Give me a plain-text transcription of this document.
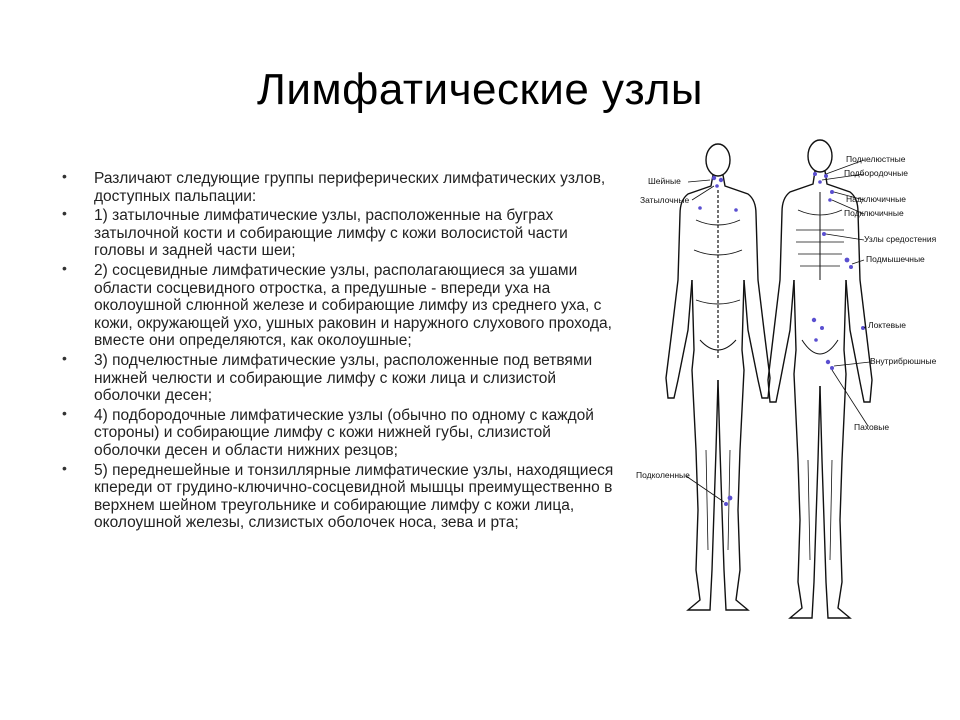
Лимфатические узлы
• Различают следующие группы периферических лимфатических узлов, доступных пальпации:
• 1) затылочные лимфатические узлы, расположенные на буграх затылочной кости и собирающие лимфу с кожи волосистой части головы и задней части шеи;
• 2) сосцевидные лимфатические узлы, располагающиеся за ушами области сосцевидного отростка, а предушные - впереди уха на околоушной слюнной железе и собирающие лимфу из среднего уха, с кожи, окружающей ухо, ушных раковин и наружного слухового прохода, вместе они определяются, как околоушные;
• 3) подчелюстные лимфатические узлы, расположенные под ветвями нижней челюсти и собирающие лимфу с кожи лица и слизистой оболочки десен;
• 4) подбородочные лимфатические узлы (обычно по одному с каждой стороны) и собирающие лимфу с кожи нижней губы, слизистой оболочки десен и области нижних резцов;
• 5) переднешейные и тонзиллярные лимфатические узлы, находящиеся кпереди от грудино-ключично-сосцевидной мышцы преимущественно в верхнем шейном треугольнике и собирающие лимфу с кожи лица, околоушной железы, слизистых оболочек носа, зева и рта;
Шейные
Затылочные
Подколенные
Подчелюстные
Подбородочные
Надключичные
Подключичные
Узлы средостения
Подмышечные
Локтевые
Внутрибрюшные
Паховые
